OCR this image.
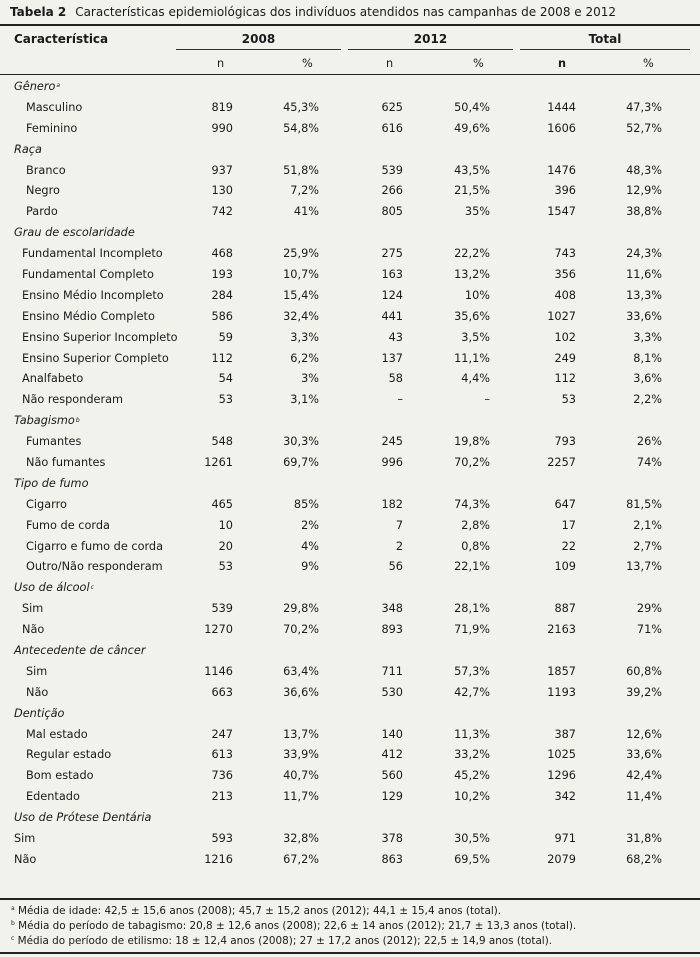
Tabela 2 Características epidemiológicas dos indivíduos atendidos nas campanhas de 2008 e 2012
Característica	2008	2012	Total
n	%	n	%	n	%
Gênero a
Masculino	819	45,3%	625	50,4%	1444	47,3%
Feminino	990	54,8%	616	49,6%	1606	52,7%
Raça
Branco	937	51,8%	539	43,5%	1476	48,3%
Negro	130	7,2%	266	21,5%	396	12,9%
Pardo	742	41%	805	35%	1547	38,8%
Grau de escolaridade
Fundamental Incompleto	468	25,9%	275	22,2%	743	24,3%
Fundamental Completo	193	10,7%	163	13,2%	356	11,6%
Ensino Médio Incompleto	284	15,4%	124	10%	408	13,3%
Ensino Médio Completo	586	32,4%	441	35,6%	1027	33,6%
Ensino Superior Incompleto	59	3,3%	43	3,5%	102	3,3%
Ensino Superior Completo	112	6,2%	137	11,1%	249	8,1%
Analfabeto	54	3%	58	4,4%	112	3,6%
Não responderam	53	3,1%	–	–	53	2,2%
Tabagismo b
Fumantes	548	30,3%	245	19,8%	793	26%
Não fumantes	1261	69,7%	996	70,2%	2257	74%
Tipo de fumo
Cigarro	465	85%	182	74,3%	647	81,5%
Fumo de corda	10	2%	7	2,8%	17	2,1%
Cigarro e fumo de corda	20	4%	2	0,8%	22	2,7%
Outro/Não responderam	53	9%	56	22,1%	109	13,7%
Uso de álcool c
Sim	539	29,8%	348	28,1%	887	29%
Não	1270	70,2%	893	71,9%	2163	71%
Antecedente de câncer
Sim	1146	63,4%	711	57,3%	1857	60,8%
Não	663	36,6%	530	42,7%	1193	39,2%
Dentição
Mal estado	247	13,7%	140	11,3%	387	12,6%
Regular estado	613	33,9%	412	33,2%	1025	33,6%
Bom estado	736	40,7%	560	45,2%	1296	42,4%
Edentado	213	11,7%	129	10,2%	342	11,4%
Uso de Prótese Dentária
Sim	593	32,8%	378	30,5%	971	31,8%
Não	1216	67,2%	863	69,5%	2079	68,2%
$^a$ Média de idade: 42,5 ± 15,6 anos (2008); 45,7 ± 15,2 anos (2012); 44,1 ± 15,4 anos (total).
$^b$ Média do período de tabagismo: 20,8 ± 12,6 anos (2008); 22,6 ± 14 anos (2012); 21,7 ± 13,3 anos (total).
$^c$ Média do período de etilismo: 18 ± 12,4 anos (2008); 27 ± 17,2 anos (2012); 22,5 ± 14,9 anos (total).
